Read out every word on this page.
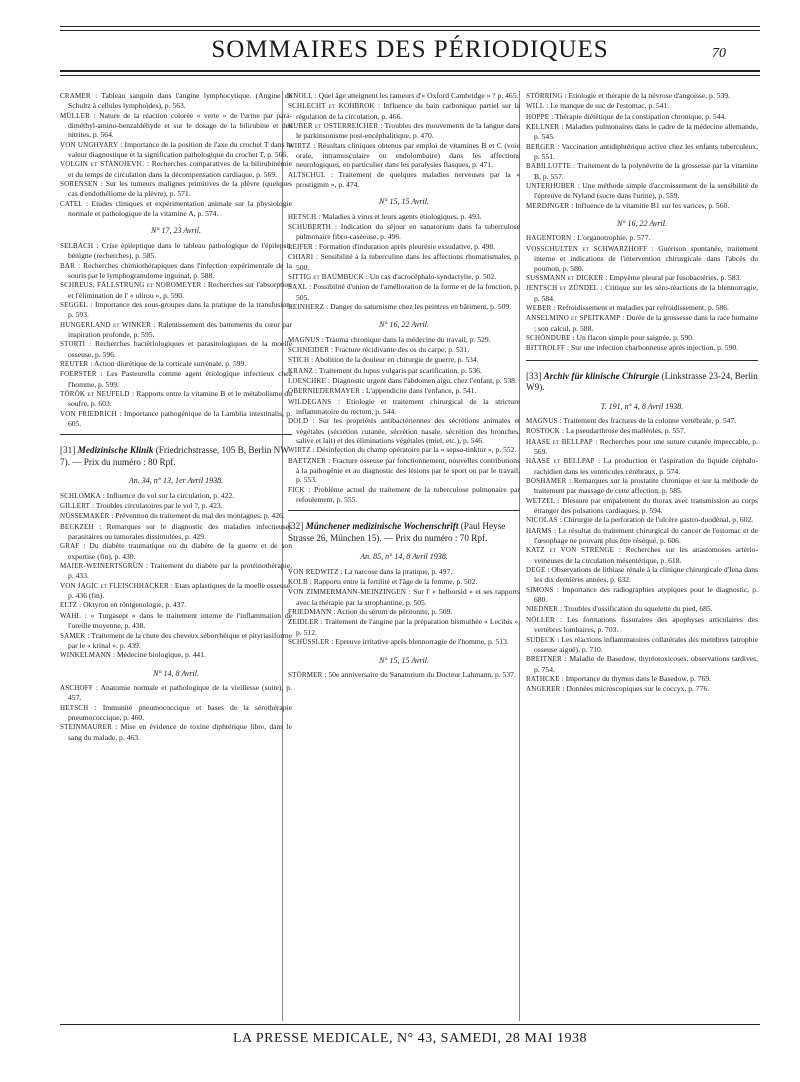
SOMMAIRES DES PÉRIODIQUES	70

CRAMER : Tableau sanguin dans l'angine lymphocytique. (Angine de Schultz à cellules lymphoïdes), p. 563.

MÜLLER : Nature de la réaction colorée « verte » de l'urine par para-diméthyl-amino-benzaldéhyde et sur le dosage de la bilirubine et des nitrites, p. 564.

VON UNGHVARY : Importance de la position de l'axe du crochet T dans la valeur diagnostique et la signification pathologique du crochet T, p. 566.

VOLGIN et STANOJEVIC : Recherches comparatives de la bilirubinémie et du temps de circulation dans la décompensation cardiaque, p. 569.

SORENSEN : Sur les tumeurs malignes primitives de la plèvre (quelques cas d'endothéliome de la plèvre), p. 571.

CATEL : Etudes cliniques et expérimentation animale sur la physiologie normale et pathologique de la vitamine A, p. 574.

N° 17, 23 Avril.

SELBACH : Crise épileptique dans le tableau pathologique de l'épilepsie bénigne (recherches), p. 585.

BAR : Recherches chimiothérapiques dans l'infection expérimentale de la souris par le lymphogranulome inguinal, p. 588.

SCHREUS, FÄLLSTRUNG et NOROMEYER : Recherches sur l'absorption et l'élimination de l' « ulirou », p. 590.

SEGGEL : Importance des sous-groupes dans la pratique de la transfusion, p. 593.

HUNGERLAND et WINKER : Ralentissement des battements du cœur par inspiration profonde, p. 595.

STORTI : Recherches bactériologiques et parasitologiques de la moelle osseuse, p. 596.

REUTER : Action diurétique de la corticale surrénale, p. 599.

FOERSTER : Les Pasteurella comme agent étiologique infectieux chez l'homme, p. 599.

TÖRÖK et NEUFELD : Rapports entre la vitamine B et le métabolisme du soufre, p. 603.

VON FRIEDRICH : Importance pathogénique de la Lamblia intestinalis, p. 605.

[31] Medizinische Klinik (Friedrichstrasse, 105 B, Berlin NW 7). — Prix du numéro : 80 Rpf.
An. 34, n° 13, 1er Avril 1938.

SCHLOMKA : Influence du vol sur la circulation, p. 422.

GILLERT : Troubles circulatoires par le vol ?, p. 423.

NÜSSEMAKER : Prévention du traitement du mal des montagnes, p. 426.

BECKZEH : Remarques sur le diagnostic des maladies infectieuses parasitaires ou tumorales dissimulées, p. 429.

GRAF : Du diabète traumatique ou du diabète de la guerre et de son expertise (fin), p. 430.

MAIER-WEINERTSGRÜN : Traitement du diabète par la protéinothérapie, p. 433.

VON JAGIC et FLEISCHHACKER : Etats aplastiques de la moelle osseuse, p. 436 (fin).

ELTZ : Oktyron en röntgenologie, p. 437.

WAHL : « Turgasept » dans le traitement interne de l'inflammation de l'oreille moyenne, p. 438.

SAMEK : Traitement de la chute des cheveux séborrhéique et pityriasiforme par le « krinal », p. 439.

WINKELMANN : Médecine biologique, p. 441.

N° 14, 8 Avril.

ASCHOFF : Anatomie normale et pathologique de la vieillesse (suite), p. 457.

HETSCH : Immunité pneumococcique et bases de la sérothérapie pneumococcique, p. 460.

STEINMAURER : Mise en évidence de toxine diphtérique libre, dans le sang du malade, p. 463.

KNOLL : Quel âge atteignent les rameurs d'« Oxford Cambridge » ? p. 465.

SCHLECHT et KOHBROK : Influence du bain carbonique partiel sur la régulation de la circulation, p. 466.

HUBER et OSTERREICHER : Troubles des mouvements de la langue dans le parkinsonisme post-encéphalitique, p. 470.

WIRTZ : Résultats cliniques obtenus par emploi de vitamines B et C (voie orale, intramusculaire ou endolombaire) dans les affections neurologiques, en particulier dans les paralysies flasques, p. 471.

ALTSCHUL : Traitement de quelques maladies nerveuses par la « prostigmin », p. 474.

N° 15, 15 Avril.

HETSCH : Maladies à virus et leurs agents étiologiques, p. 493.

SCHUBERTH : Indication du séjour en sanatorium dans la tuberculose pulmonaire fibro-caséeuse, p. 496.

LEIFER : Formation d'induration après pleurésie exsudative, p. 498.

CHIARI : Sensibilité à la tuberculine dans les affections rhumatismales, p. 500.

SITTIG et BAUMBUCK : Un cas d'acrocéphalo-syndactylie, p. 502.

SAXL : Possibilité d'union de l'amélioration de la forme et de la fonction, p. 505.

REINHERZ : Danger du saturnisme chez les peintres en bâtiment, p. 509.

N° 16, 22 Avril.

MAGNUS : Trauma chronique dans la médecine du travail, p. 529.

SCHNEIDER : Fracture récidivante des os du carpe, p. 531.

STICH : Abolition de la douleur en chirurgie de guerre, p. 534.

KRANZ : Traitement du lupus vulgaris par scarification, p. 536.

LOESCHKE : Diagnostic urgent dans l'abdomen aigu, chez l'enfant, p. 538.

OBERNIEDERMAYER : L'appendicite dans l'enfance, p. 541.

WILDEGANS : Etiologie et traitement chirurgical de la stricture inflammatoire du rectum, p. 544.

DOLD : Sur les propriétés antibactériennes des sécrétions animales et végétales (sécrétion cutanée, sécrétion nasale, sécrétion des bronches, salive et lait) et des éliminations végétales (miel, etc.), p. 546.

WIRTZ : Désinfection du champ opératoire par la « sepso-tinktur », p. 552.

BAETZNER : Fracture osseuse par fonctionnement, nouvelles contributions à la pathogénie et au diagnostic des lésions par le sport ou par le travail, p. 553.

FICK : Problème actuel du traitement de la tuberculose pulmonaire par refoulement, p. 555.

[32] Münchener medizinische Wochenschrift (Paul Heyse Strasse 26, München 15). — Prix du numéro : 70 Rpf.
An. 85, n° 14, 8 Avril 1938.

VON REDWITZ : La narcose dans la pratique, p. 497.

KOLB : Rapports entre la fertilité et l'âge de la femme, p. 502.

VON ZIMMERMANN-MEINZINGEN : Sur l' « helborsid » et ses rapports avec la thérapie par la strophantine, p. 505.

FRIEDMANN : Action du sérum de péritonite, p. 509.

ZEIDLER : Traitement de l'angine par la préparation bismuthée « Lecibis », p. 512.

SCHÜSSLER : Epreuve irritative après blennorragie de l'homme, p. 513.

N° 15, 15 Avril.

STÖRMER : 50e anniversaire du Sanatorium du Docteur Lahmann, p. 537.

STÖRRING : Etiologie et thérapie de la névrose d'angoisse, p. 539.

WILL : Le manque de suc de l'estomac, p. 541.

HOPPE : Thérapie diététique de la constipation chronique, p. 544.

KELLNER : Maladies pulmonaires dans le cadre de la médecine allemande, p. 545.

BERGER : Vaccination antidiphtérique active chez les enfants tuberculeux, p. 551.

BABILLOTTE : Traitement de la polynévrite de la grossesse par la vitamine B, p. 557.

UNTERHUBER : Une méthode simple d'accroissement de la sensibilité de l'épreuve de Nyland (sucre dans l'urine), p. 559.

MERDINGER : Influence de la vitamine B1 sur les varices, p. 560.

N° 16, 22 Avril.

HAGENTORN : L'organotrophie, p. 577.

VOSSCHULTEN et SCHWARZHOFF : Guérison spontanée, traitement interne et indications de l'intervention chirurgicale dans l'abcès du poumon, p. 580.

SUSSMANN et DICKER : Empyème pleural par fusobactéries, p. 583.

JENTSCH et ZÜNDEL : Critique sur les séro-réactions de la blennorragie, p. 584.

WEBER : Refroidissement et maladies par refroidissement, p. 586.

ANSELMINO et SPEITKAMP : Durée de la grossesse dans la race humaine ; son calcul, p. 588.

SCHÖNDUBE : Un flacon simple pour saignée, p. 590.

BITTROLFF : Sur une infection charbonneuse après injection, p. 590.

[33] Archiv für klinische Chirurgie (Linkstrasse 23-24, Berlin W9).
T. 191, n° 4, 8 Avril 1938.

MAGNUS : Traitement des fractures de la colonne vertébrale, p. 547.

ROSTOCK : La pseudarthrose des malléoles, p. 557.

HAASE et BELLPAP : Recherches pour une suture cutanée impeccable, p. 569.

HAASE et BELLPAP : La production et l'aspiration du liquide céphalo-rachidien dans les ventricules cérébraux, p. 574.

BOSHAMER : Remarques sur la prostatite chronique et sur la méthode de traitement par massage de cette affection, p. 585.

WETZEL : Blessure par empalement du thorax avec transmission au corps étranger des pulsations cardiaques, p. 594.

NICOLAS : Chirurgie de la perforation de l'ulcère gastro-duodénal, p. 602.

HARMS : Le résultat du traitement chirurgical du cancer de l'estomac et de l'œsophage ne pouvant plus être réséqué, p. 606.

KATZ et VON STRENGE : Recherches sur les anastomoses artério-veineuses de la circulation mésentérique, p. 618.

DEGE : Observations de lithiase rénale à la clinique chirurgicale d'Iena dans les dix dernières années, p. 632.

SIMONS : Importance des radiographies atypiques pour le diagnostic, p. 680.

NIEDNER : Troubles d'ossification du squelette du pied, 685.

NÖLLER : Les formations fissuraires des apophyses articulaires des vertèbres lombaires, p. 703.

SUDECK : Les réactions inflammatoires collatérales des membres (atrophie osseuse aiguë), p. 710.

BREITNER : Maladie de Basedow, thyréotoxicoses, observations tardives, p. 754.

RATHCKE : Importance du thymus dans le Basedow, p. 769.

ANGERER : Données microscopiques sur le coccyx, p. 776.

LA PRESSE MEDICALE, N° 43, SAMEDI, 28 MAI 1938
